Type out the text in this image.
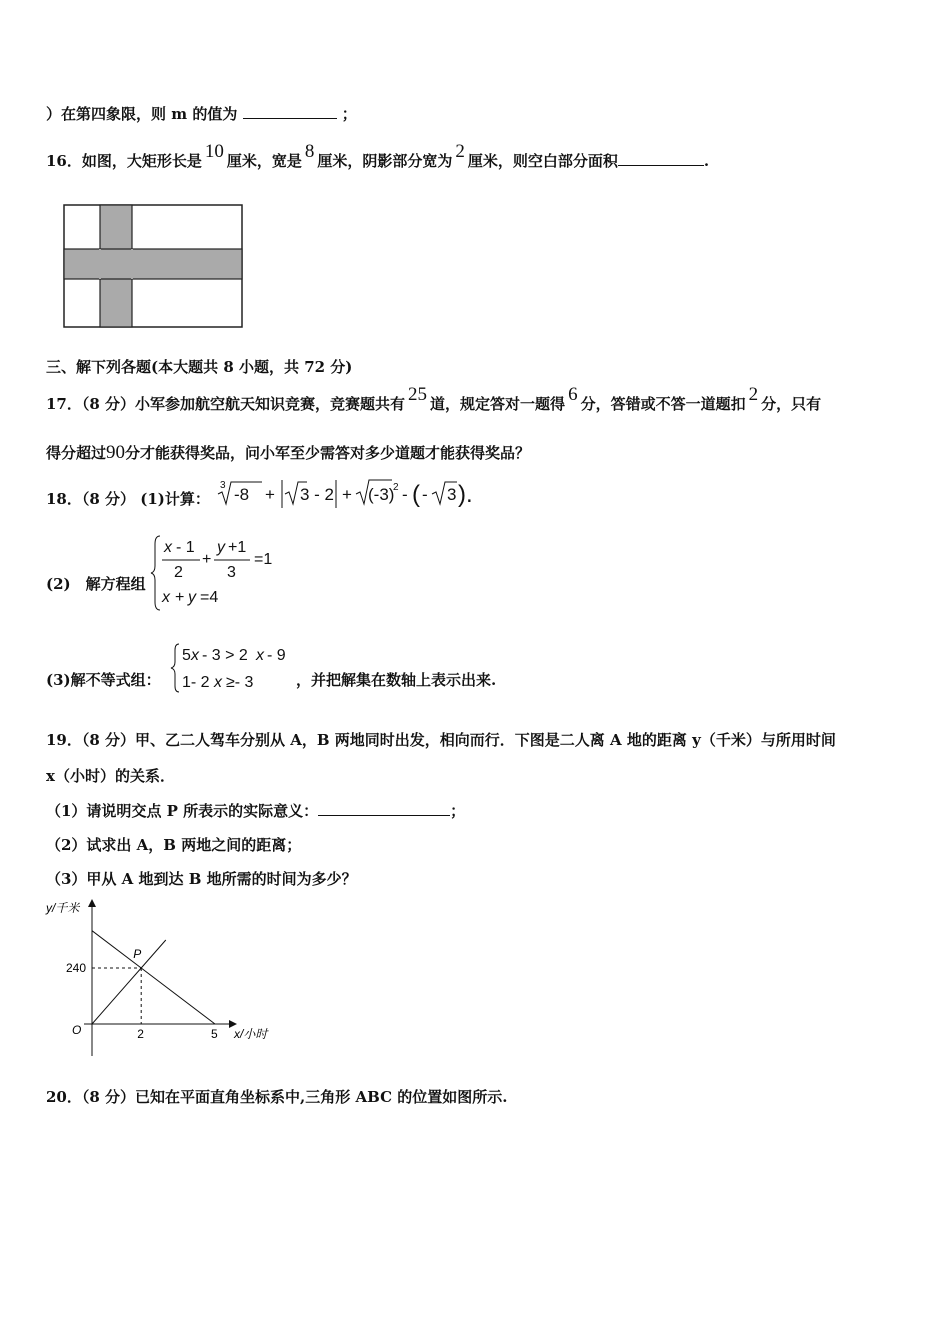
）在第四象限，则 m 的值为	；
16．如图，大矩形长是 10 厘米，宽是 8 厘米，阴影部分宽为 2 厘米，则空白部分面积	.
三、解下列各题(本大题共 8 小题，共 72 分)
17．（8 分）小军参加航空航天知识竞赛，竞赛题共有 25 道，规定答对一题得 6 分，答错或不答一道题扣 2 分，只有
得分超过90分才能获得奖品，问小军至少需答对多少道题才能获得奖品？
18．（8 分） (1)计算：
3 -8 + 3 - 2 + (-3)
2 - ( - 3 ).
(2)　解方程组
x - 1
2
+
y +1
3
=1
x + y =4
(3)解不等式组：
5 x - 3 > 2 x - 9
1- 2 x ≥- 3	，并把解集在数轴上表示出来.
19．（8 分）甲、乙二人驾车分别从 A，B 两地同时出发，相向而行．下图是二人离 A 地的距离 y（千米）与所用时间
x（小时）的关系．
（1）请说明交点 P 所表示的实际意义：	；
（2）试求出 A，B 两地之间的距离；
（3）甲从 A 地到达 B 地所需的时间为多少？
P
240
2	5
y/千米
x/小时
O
20．（8 分）已知在平面直角坐标系中,三角形 ABC 的位置如图所示.
